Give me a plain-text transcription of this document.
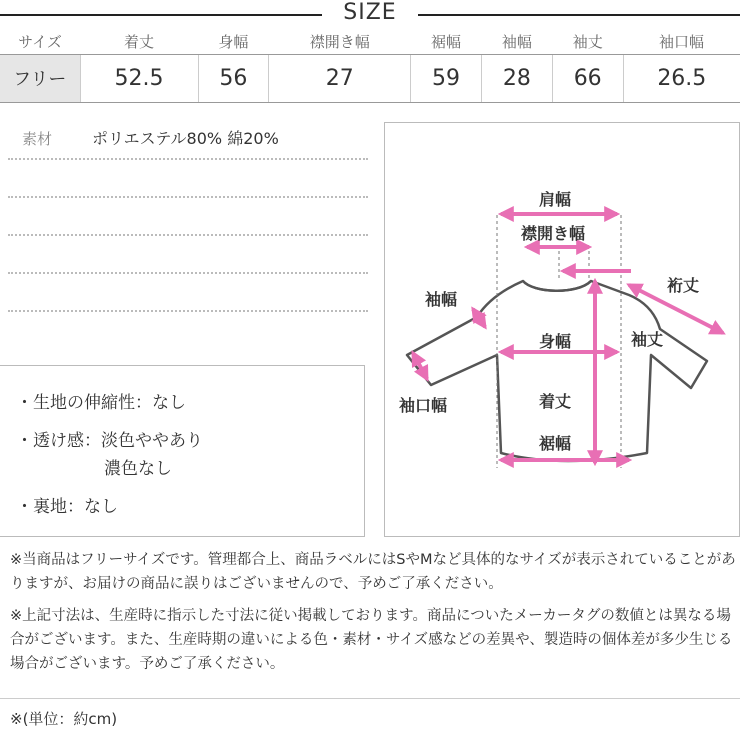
SIZE
サイズ	着丈	身幅	襟開き幅	裾幅	袖幅	袖丈	袖口幅
フリー	52.5	56	27	59	28	66	26.5
素材 ポリエステル80% 綿20%
・生地の伸縮性：なし
・透け感：淡色ややあり
濃色なし
・裏地：なし
肩幅
襟開き幅
裄丈
袖幅
袖丈
身幅
袖口幅	着丈
裾幅

※当商品はフリーサイズです。管理都合上、商品ラベルにはSやMなど具体的なサイズが表示されていることがありますが、お届けの商品に誤りはございませんので、予めご了承ください。

※上記寸法は、生産時に指示した寸法に従い掲載しております。商品についたメーカータグの数値とは異なる場合がございます。また、生産時期の違いによる色・素材・サイズ感などの差異や、製造時の個体差が多少生じる場合がございます。予めご了承ください。

※(単位：約cm)
